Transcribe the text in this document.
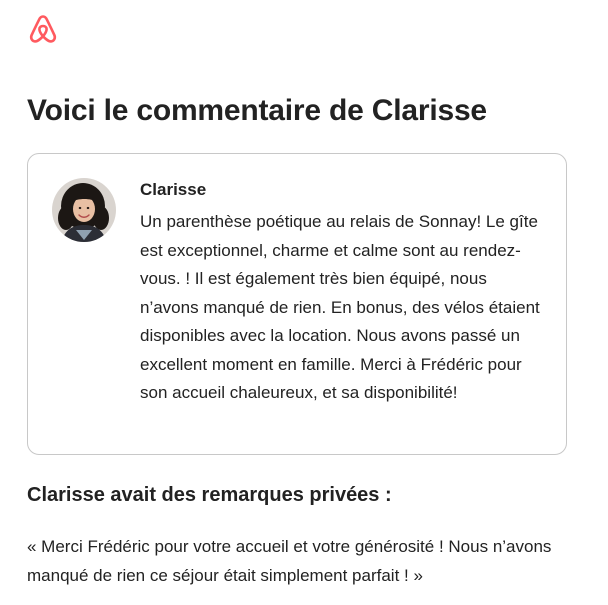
Voici le commentaire de Clarisse
Clarisse

Un parenthèse poétique au relais de Sonnay! Le gîte est exceptionnel, charme et calme sont au rendez-vous. ! Il est également très bien équipé, nous n’avons manqué de rien. En bonus, des vélos étaient disponibles avec la location. Nous avons passé un excellent moment en famille. Merci à Frédéric pour son accueil chaleureux, et sa disponibilité!

Clarisse avait des remarques privées :

« Merci Frédéric pour votre accueil et votre générosité ! Nous n’avons manqué de rien ce séjour était simplement parfait ! »
